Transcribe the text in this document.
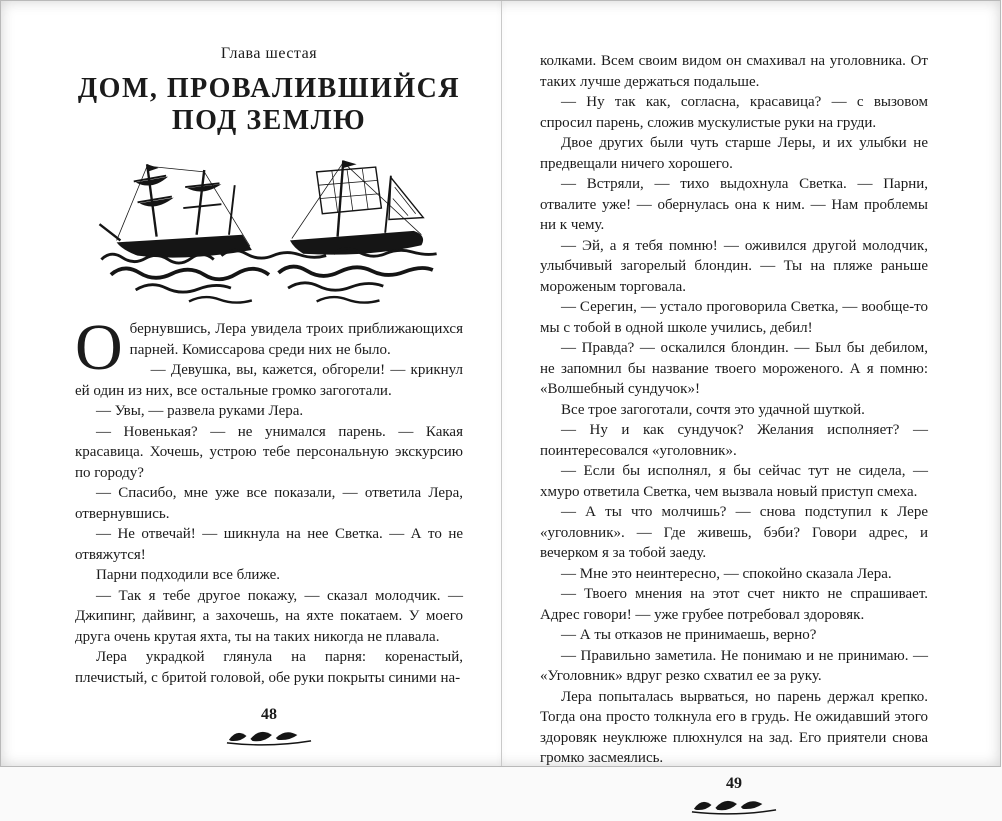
Глава шестая

ДОМ, ПРОВАЛИВШИЙСЯ
ПОД ЗЕМЛЮ

Обернувшись, Лера увидела троих приближающихся парней. Комиссарова среди них не было.

— Девушка, вы, кажется, обгорели! — крикнул ей один из них, все остальные громко загоготали.

— Увы, — развела руками Лера.

— Новенькая? — не унимался парень. — Какая красавица. Хочешь, устрою тебе персональную экскурсию по городу?

— Спасибо, мне уже все показали, — ответила Лера, отвернувшись.

— Не отвечай! — шикнула на нее Светка. — А то не отвяжутся!

Парни подходили все ближе.

— Так я тебе другое покажу, — сказал молодчик. — Джипинг, дайвинг, а захочешь, на яхте покатаем. У моего друга очень крутая яхта, ты на таких никогда не плавала.

Лера украдкой глянула на парня: коренастый, плечистый, с бритой головой, обе руки покрыты синими на-

48

колками. Всем своим видом он смахивал на уголовника. От таких лучше держаться подальше.

— Ну так как, согласна, красавица? — с вызовом спросил парень, сложив мускулистые руки на груди.

Двое других были чуть старше Леры, и их улыбки не предвещали ничего хорошего.

— Встряли, — тихо выдохнула Светка. — Парни, отвалите уже! — обернулась она к ним. — Нам проблемы ни к чему.

— Эй, а я тебя помню! — оживился другой молодчик, улыбчивый загорелый блондин. — Ты на пляже раньше мороженым торговала.

— Серегин, — устало проговорила Светка, — вообще-то мы с тобой в одной школе учились, дебил!

— Правда? — оскалился блондин. — Был бы дебилом, не запомнил бы название твоего мороженого. А я помню: «Волшебный сундучок»!

Все трое загоготали, сочтя это удачной шуткой.

— Ну и как сундучок? Желания исполняет? — поинтересовался «уголовник».

— Если бы исполнял, я бы сейчас тут не сидела, — хмуро ответила Светка, чем вызвала новый приступ смеха.

— А ты что молчишь? — снова подступил к Лере «уголовник». — Где живешь, бэби? Говори адрес, и вечерком я за тобой заеду.

— Мне это неинтересно, — спокойно сказала Лера.

— Твоего мнения на этот счет никто не спрашивает. Адрес говори! — уже грубее потребовал здоровяк.

— А ты отказов не принимаешь, верно?

— Правильно заметила. Не понимаю и не принимаю. — «Уголовник» вдруг резко схватил ее за руку.

Лера попыталась вырваться, но парень держал крепко. Тогда она просто толкнула его в грудь. Не ожидавший этого здоровяк неуклюже плюхнулся на зад. Его приятели снова громко засмеялись.

49
